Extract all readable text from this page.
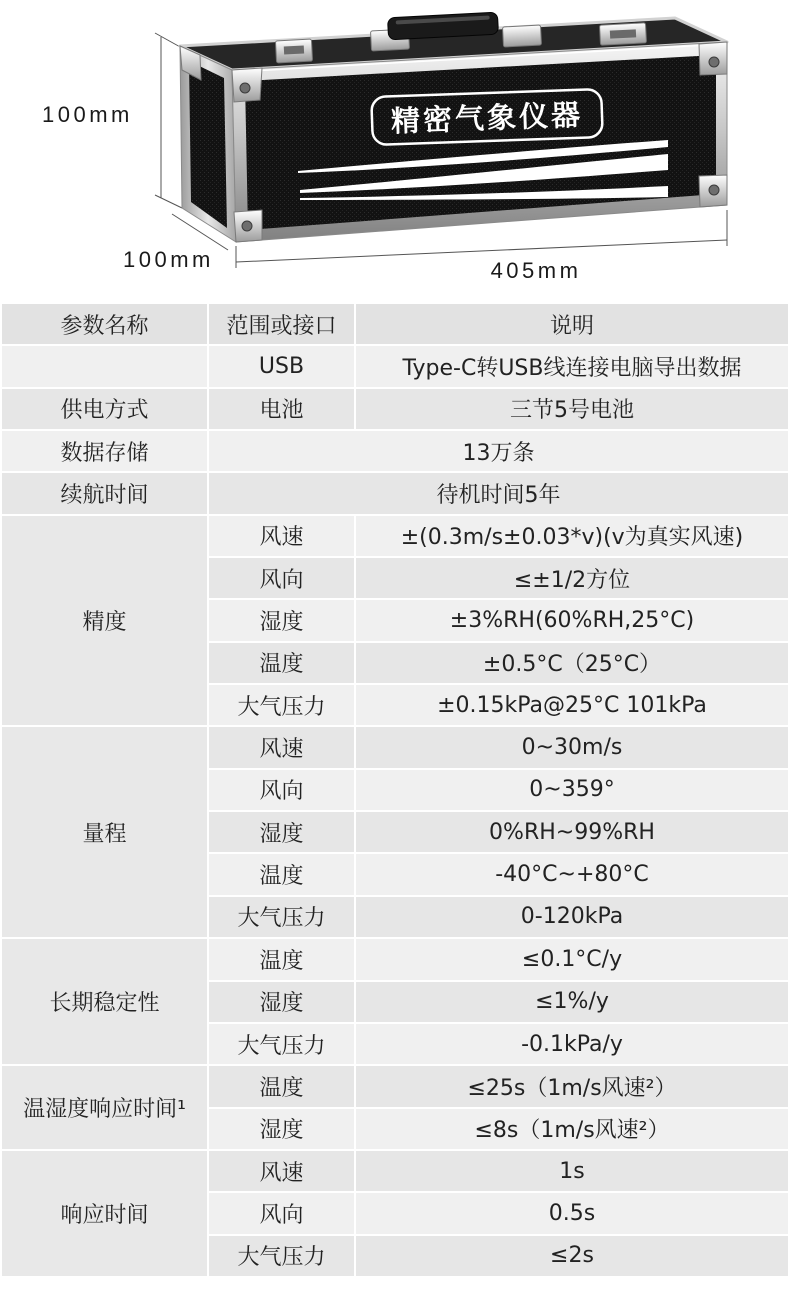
精密气象仪器
100mm
100mm	405mm
参数名称	范围或接口	说明
	USB	Type-C转USB线连接电脑导出数据
供电方式	电池	三节5号电池
数据存储	13万条	
续航时间	待机时间5年	
精度	风速	±(0.3m/s±0.03*v)(v为真实风速)
	风向	≤±1/2方位
	湿度	±3%RH(60%RH,25°C)
	温度	±0.5°C（25°C）
	大气压力	±0.15kPa@25°C 101kPa
量程	风速	0~30m/s
	风向	0~359°
	湿度	0%RH~99%RH
	温度	-40°C~+80°C
	大气压力	0-120kPa
长期稳定性	温度	≤0.1°C/y
	湿度	≤1%/y
	大气压力	-0.1kPa/y
温湿度响应时间¹	温度	≤25s（1m/s风速²）
	湿度	≤8s（1m/s风速²）
响应时间	风速	1s
	风向	0.5s
	大气压力	≤2s
